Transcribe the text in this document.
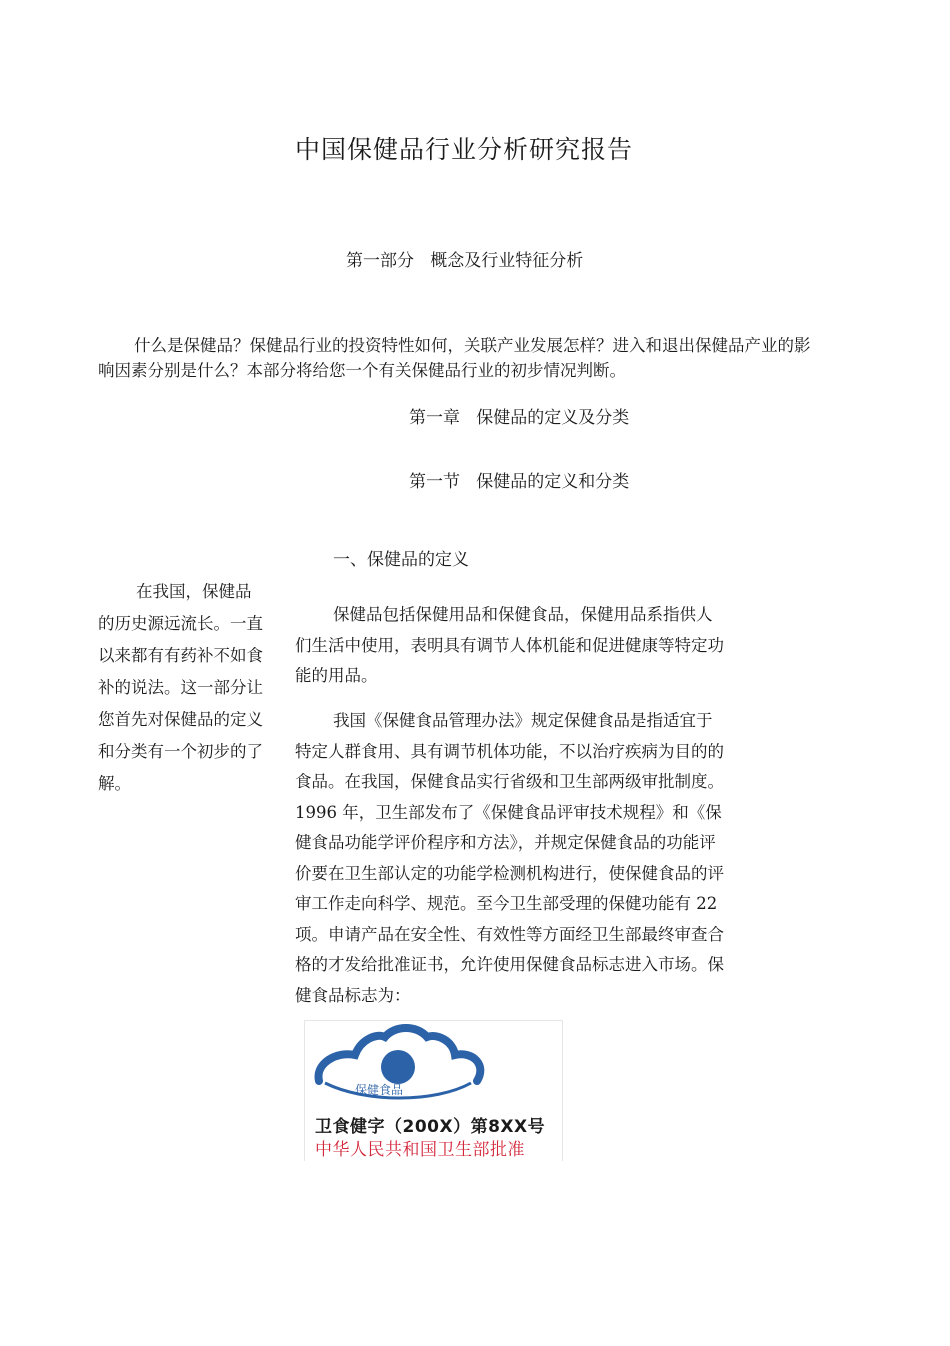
中国保健品行业分析研究报告
第一部分   概念及行业特征分析
什么是保健品？保健品行业的投资特性如何，关联产业发展怎样？进入和退出保健品产业的影响因素分别是什么？本部分将给您一个有关保健品行业的初步情况判断。
第一章   保健品的定义及分类
第一节   保健品的定义和分类
一、保健品的定义
在我国，保健品的历史源远流长。一直以来都有有药补不如食补的说法。这一部分让您首先对保健品的定义和分类有一个初步的了解。
保健品包括保健用品和保健食品，保健用品系指供人们生活中使用，表明具有调节人体机能和促进健康等特定功能的用品。
我国《保健食品管理办法》规定保健食品是指适宜于特定人群食用、具有调节机体功能，不以治疗疾病为目的的食品。在我国，保健食品实行省级和卫生部两级审批制度。 1996 年，卫生部发布了《保健食品评审技术规程》和《保健食品功能学评价程序和方法》，并规定保健食品的功能评价要在卫生部认定的功能学检测机构进行，使保健食品的评审工作走向科学、规范。至今卫生部受理的保健功能有 22 项。申请产品在安全性、有效性等方面经卫生部最终审查合格的才发给批准证书，允许使用保健食品标志进入市场。保健食品标志为：
保健食品
卫食健字（200X）第8XX号
中华人民共和国卫生部批准
